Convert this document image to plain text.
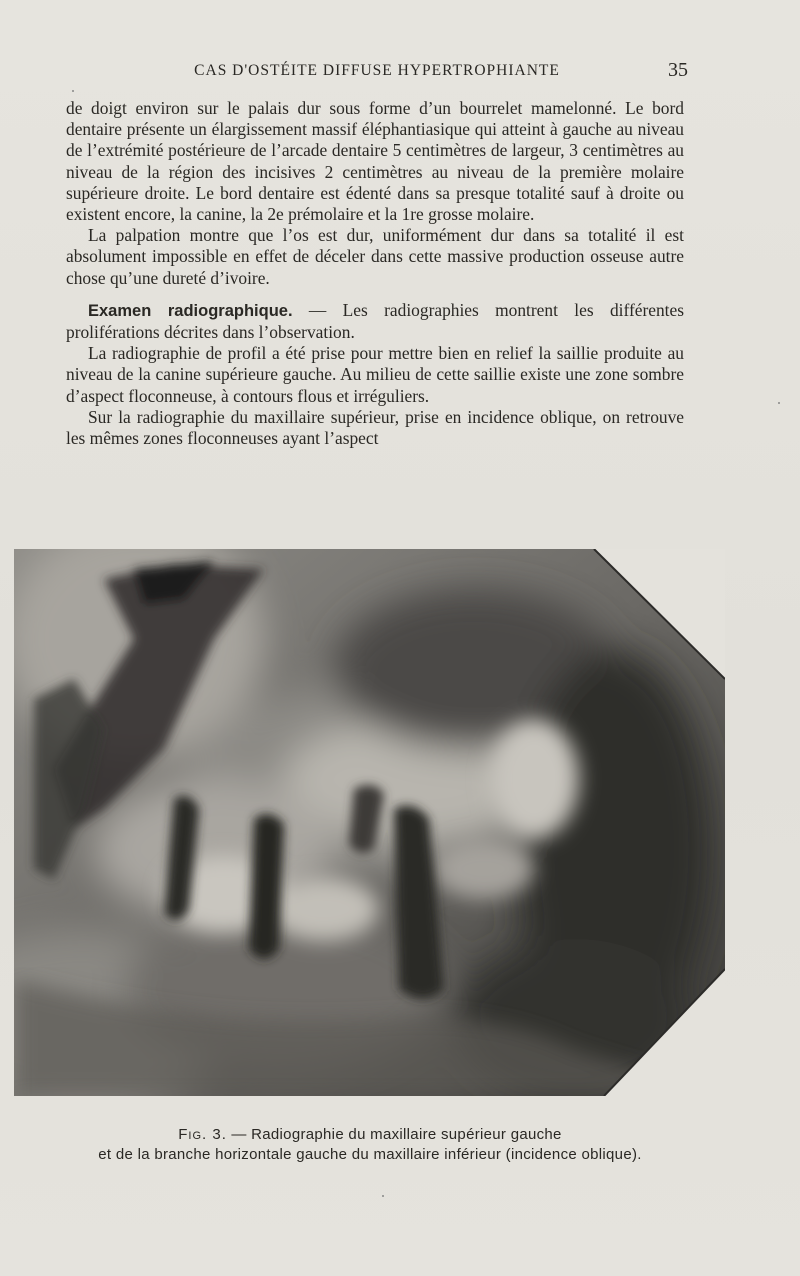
CAS D'OSTÉITE DIFFUSE HYPERTROPHIANTE	35

de doigt environ sur le palais dur sous forme d’un bourrelet mamelonné. Le bord dentaire présente un élargissement massif éléphantiasique qui atteint à gauche au niveau de l’extrémité postérieure de l’arcade dentaire 5 centimètres de largeur, 3 centimètres au niveau de la région des incisives 2 centimètres au niveau de la première molaire supérieure droite. Le bord dentaire est édenté dans sa presque totalité sauf à droite ou existent encore, la canine, la 2e prémolaire et la 1re grosse molaire.

La palpation montre que l’os est dur, uniformément dur dans sa totalité il est absolument impossible en effet de déceler dans cette massive production osseuse autre chose qu’une dureté d’ivoire.

Examen radiographique. — Les radiographies montrent les différentes proliférations décrites dans l’observation.

La radiographie de profil a été prise pour mettre bien en relief la saillie produite au niveau de la canine supérieure gauche. Au milieu de cette saillie existe une zone sombre d’aspect floconneuse, à contours flous et irréguliers.

Sur la radiographie du maxillaire supérieur, prise en incidence oblique, on retrouve les mêmes zones floconneuses ayant l’aspect

Fig. 3. — Radiographie du maxillaire supérieur gauche
et de la branche horizontale gauche du maxillaire inférieur (incidence oblique).
